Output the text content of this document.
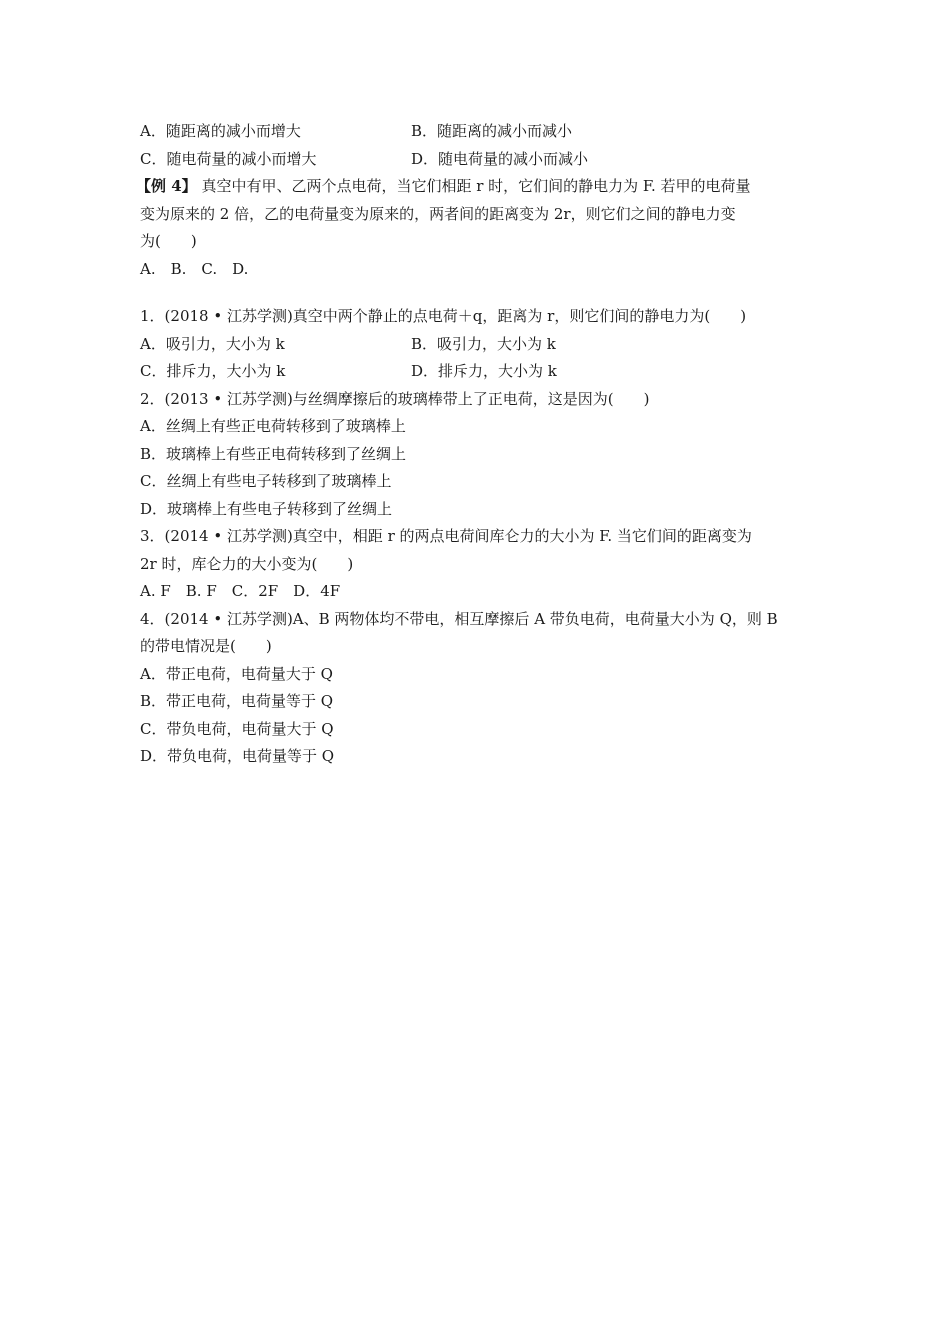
A．随距离的减小而增大	B．随距离的减小而减小
C．随电荷量的减小而增大	D．随电荷量的减小而减小
【例 4】 真空中有甲、乙两个点电荷，当它们相距 r 时，它们间的静电力为 F. 若甲的电荷量
变为原来的 2 倍，乙的电荷量变为原来的，两者间的距离变为 2r，则它们之间的静电力变
为(　　)
A.　B.　C.　D.
1．(2018 • 江苏学测)真空中两个静止的点电荷＋q，距离为 r，则它们间的静电力为(　　)
A．吸引力，大小为 k	B．吸引力，大小为 k
C．排斥力，大小为 k	D．排斥力，大小为 k
2．(2013 • 江苏学测)与丝绸摩擦后的玻璃棒带上了正电荷，这是因为(　　)
A．丝绸上有些正电荷转移到了玻璃棒上
B．玻璃棒上有些正电荷转移到了丝绸上
C．丝绸上有些电子转移到了玻璃棒上
D．玻璃棒上有些电子转移到了丝绸上
3．(2014 • 江苏学测)真空中，相距 r 的两点电荷间库仑力的大小为 F. 当它们间的距离变为
2r 时，库仑力的大小变为(　　)
A. F　B. F　C．2F　D．4F
4．(2014 • 江苏学测)A、B 两物体均不带电，相互摩擦后 A 带负电荷，电荷量大小为 Q，则 B
的带电情况是(　　)
A．带正电荷，电荷量大于 Q
B．带正电荷，电荷量等于 Q
C．带负电荷，电荷量大于 Q
D．带负电荷，电荷量等于 Q
